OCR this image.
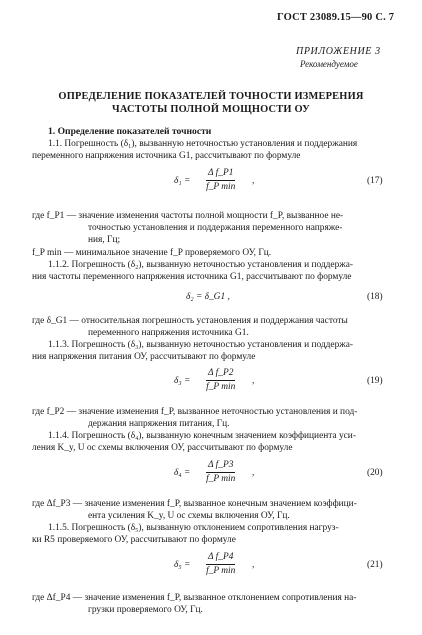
ГОСТ 23089.15—90 С. 7
ПРИЛОЖЕНИЕ 3
Рекомендуемое
ОПРЕДЕЛЕНИЕ ПОКАЗАТЕЛЕЙ ТОЧНОСТИ ИЗМЕРЕНИЯ
ЧАСТОТЫ ПОЛНОЙ МОЩНОСТИ ОУ
1. Определение показателей точности
1.1. Погрешность (δ₁), вызванную неточностью установления и поддержания
переменного напряжения источника G1, рассчитывают по формуле
δ₁ =
Δ f_P1
f_P min
,	(17)
где f_P1 — значение изменения частоты полной мощности f_P, вызванное не-
точностью установления и поддержания переменного напряже-
ния, Гц;
f_P min — минимальное значение f_P проверяемого ОУ, Гц.
1.1.2. Погрешность (δ₂), вызванную неточностью установления и поддержа-
ния частоты переменного напряжения источника G1, рассчитывают по формуле
δ₂ = δ_G1 ,	(18)
где δ_G1 — относительная погрешность установления и поддержания частоты
переменного напряжения источника G1.
1.1.3. Погрешность (δ₃), вызванную неточностью установления и поддержа-
ния напряжения питания ОУ, рассчитывают по формуле
δ₃ =
Δ f_P2
f_P min
,	(19)
где f_P2 — значение изменения f_P, вызванное неточностью установления и под-
держания напряжения питания, Гц.
1.1.4. Погрешность (δ₄), вызванную конечным значением коэффициента уси-
ления K_y, U oc схемы включения ОУ, рассчитывают по формуле
δ₄ =
Δ f_P3
f_P min
,	(20)
где Δf_P3 — значение изменения f_P, вызванное конечным значением коэффици-
ента усиления K_y, U oc схемы включения ОУ, Гц.
1.1.5. Погрешность (δ₅), вызванную отклонением сопротивления нагруз-
ки R5 проверяемого ОУ, рассчитывают по формуле
δ₅ =
Δ f_P4
f_P min
,	(21)
где Δf_P4 — значение изменения f_P, вызванное отклонением сопротивления на-
грузки проверяемого ОУ, Гц.
